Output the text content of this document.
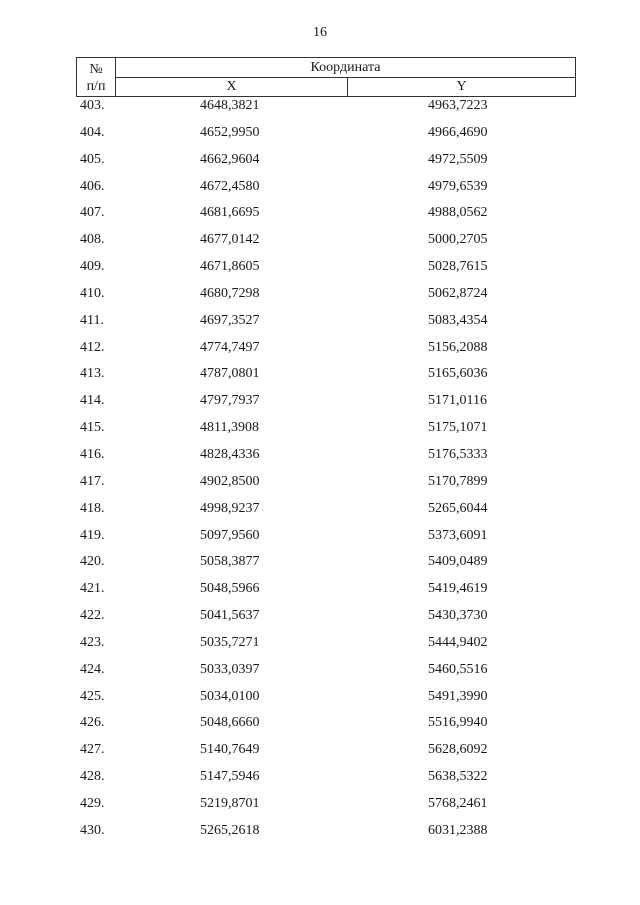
16
№
п/п
Координата
X	Y
403.	4648,3821	4963,7223
404.	4652,9950	4966,4690
405.	4662,9604	4972,5509
406.	4672,4580	4979,6539
407.	4681,6695	4988,0562
408.	4677,0142	5000,2705
409.	4671,8605	5028,7615
410.	4680,7298	5062,8724
411.	4697,3527	5083,4354
412.	4774,7497	5156,2088
413.	4787,0801	5165,6036
414.	4797,7937	5171,0116
415.	4811,3908	5175,1071
416.	4828,4336	5176,5333
417.	4902,8500	5170,7899
418.	4998,9237	5265,6044
419.	5097,9560	5373,6091
420.	5058,3877	5409,0489
421.	5048,5966	5419,4619
422.	5041,5637	5430,3730
423.	5035,7271	5444,9402
424.	5033,0397	5460,5516
425.	5034,0100	5491,3990
426.	5048,6660	5516,9940
427.	5140,7649	5628,6092
428.	5147,5946	5638,5322
429.	5219,8701	5768,2461
430.	5265,2618	6031,2388
